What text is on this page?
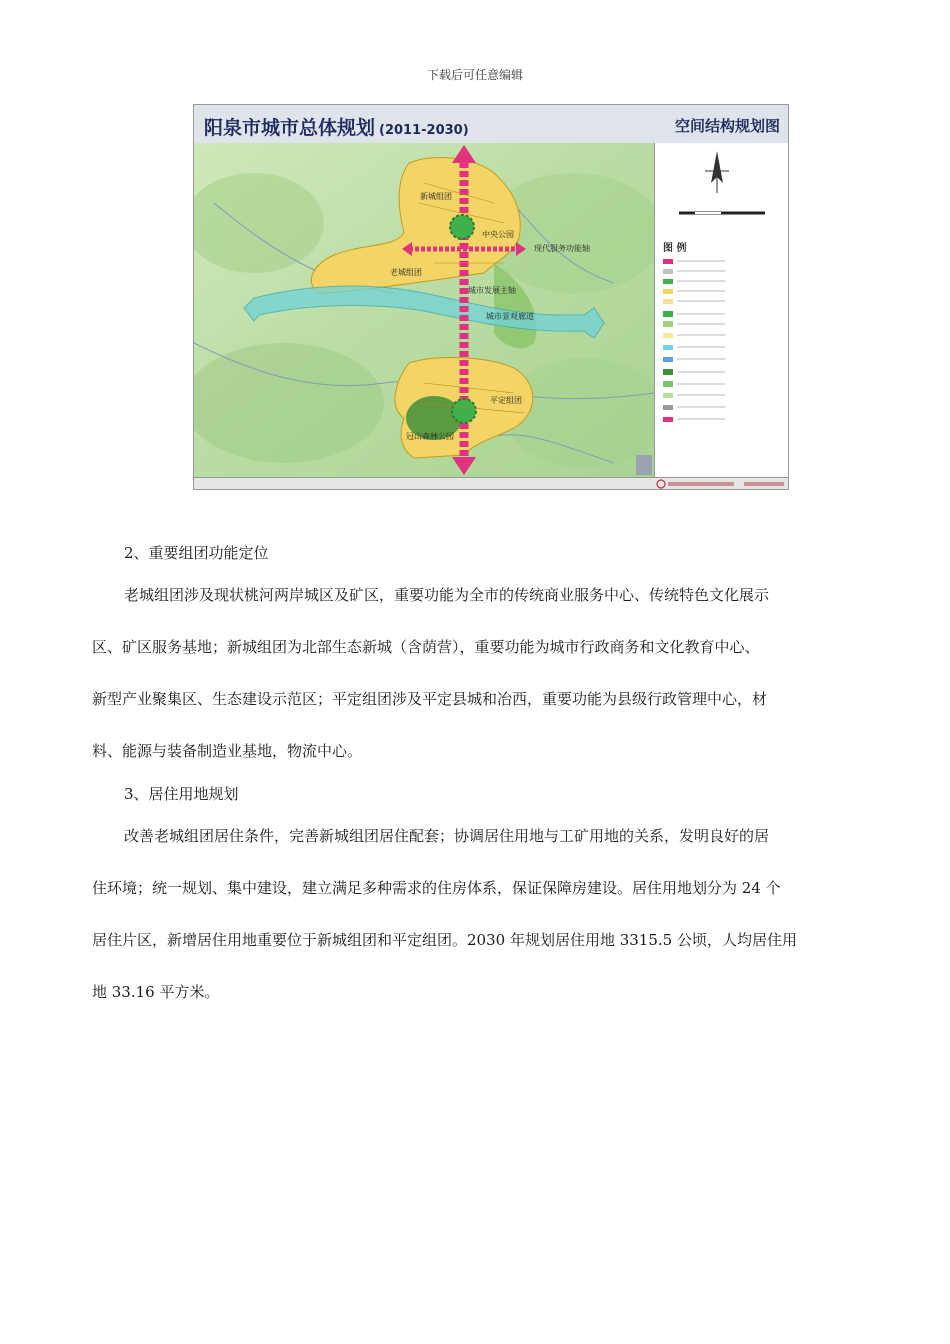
下载后可任意编辑
阳泉市城市总体规划 (2011-2030)	空间结构规划图
新城组团
中央公园
现代服务功能轴
老城组团
城市发展主轴
城市景观廊道
平定组团
冠山森林公园
图 例
2、重要组团功能定位
老城组团涉及现状桃河两岸城区及矿区，重要功能为全市的传统商业服务中心、传统特色文化展示
区、矿区服务基地；新城组团为北部生态新城（含荫营），重要功能为城市行政商务和文化教育中心、
新型产业聚集区、生态建设示范区；平定组团涉及平定县城和冶西，重要功能为县级行政管理中心，材
料、能源与装备制造业基地，物流中心。
3、居住用地规划
改善老城组团居住条件，完善新城组团居住配套；协调居住用地与工矿用地的关系，发明良好的居
住环境；统一规划、集中建设，建立满足多种需求的住房体系，保证保障房建设。居住用地划分为 24 个
居住片区，新增居住用地重要位于新城组团和平定组团。2030 年规划居住用地 3315.5 公顷，人均居住用
地 33.16 平方米。
